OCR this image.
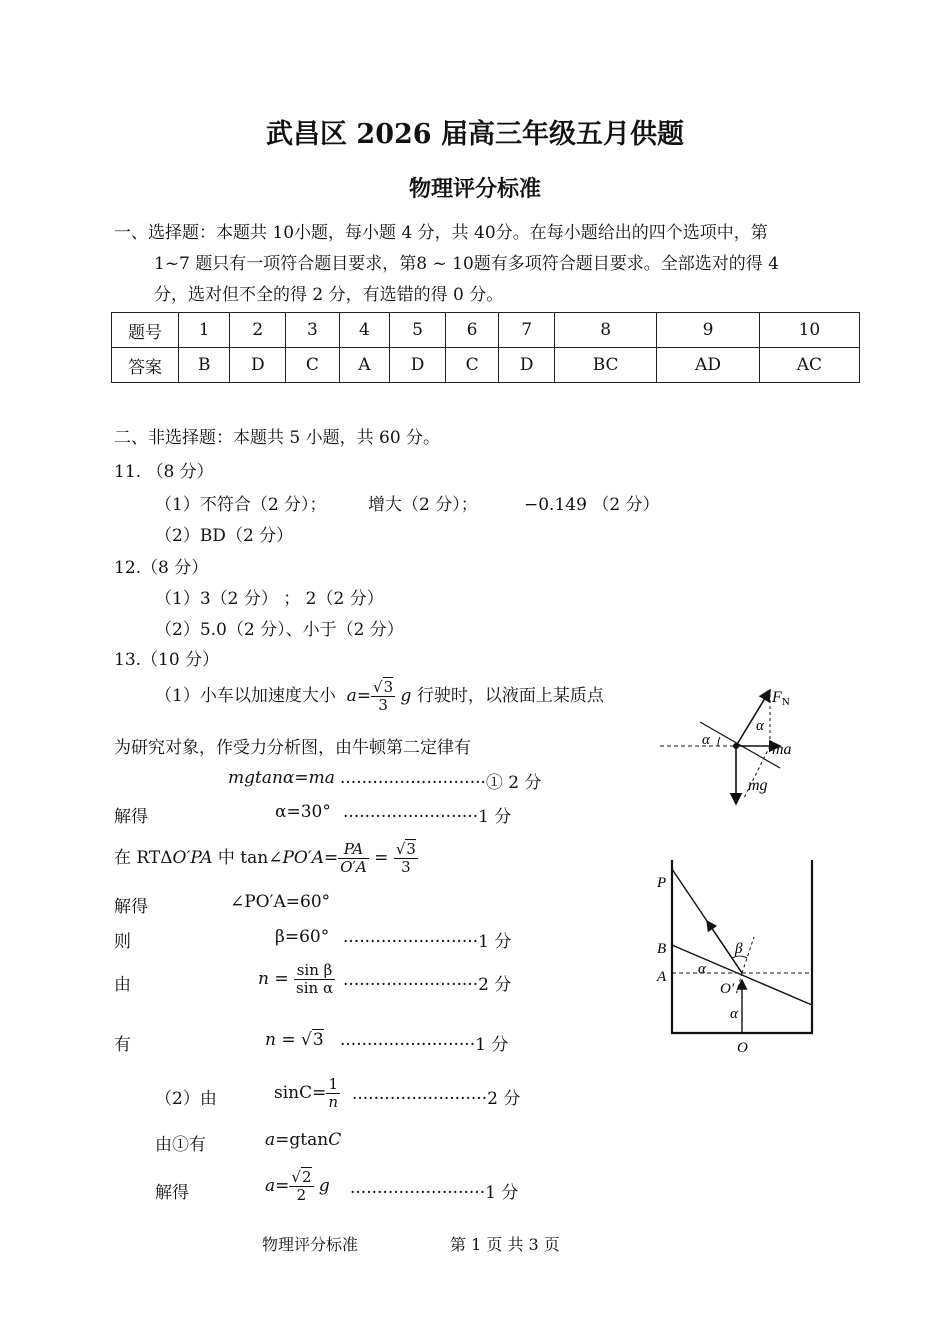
武昌区 2026 届高三年级五月供题
物理评分标准
一、选择题：本题共 10小题，每小题 4 分，共 40分。在每小题给出的四个选项中，第
1~7 题只有一项符合题目要求，第8 ~ 10题有多项符合题目要求。全部选对的得 4
分，选对但不全的得 2 分，有选错的得 0 分。
题号	1	2	3	4	5	6	7	8	9	10
答案	B	D	C	A	D	C	D	BC	AD	AC
二、非选择题：本题共 5 小题，共 60 分。
11. （8 分）
（1）不符合（2 分）； 增大（2 分）；	−0.149 （2 分）
（2）BD（2 分）
12.（8 分）
（1）3（2 分） ； 2（2 分）
（2）5.0（2 分）、小于（2 分）
13.（10 分）
（1）小车以加速度大小  $a= \frac{√3}{3}$ g 行驶时，以液面上某质点
为研究对象，作受力分析图，由牛顿第二定律有
mgtanα=ma ···························① 2 分
解得	α=30° ·························1 分
在 RTΔO′PA 中 tan∠PO′A= $\frac{PA}{O'A} = \frac{√3}{3}$
解得	∠PO′A=60°
则	β=60° ·························1 分
由	$n = \frac{\text{sin β}}{\text{sin α}} \cdot\cdot\cdot\cdot\cdot\cdot\cdot\cdot\cdot\cdot\cdot\cdot\cdot\cdot\cdot\cdot\cdot\cdot\cdot\cdot\cdot\cdot\cdot\cdot\cdot 2$ 分
有	n = √3 ·························1 分
（2）由	$\sin C= \frac{1}{n} \cdot\cdot\cdot\cdot\cdot\cdot\cdot\cdot\cdot\cdot\cdot\cdot\cdot\cdot\cdot\cdot\cdot\cdot\cdot\cdot\cdot\cdot\cdot\cdot\cdot 2$ 分
由①有	a=gtanC
解得	$a= \frac{√2}{2}$ g ·························1 分
FN
α
α
ma
mg
P
B
A
O
O′
α
α
β
物理评分标准	第 1 页 共 3 页
